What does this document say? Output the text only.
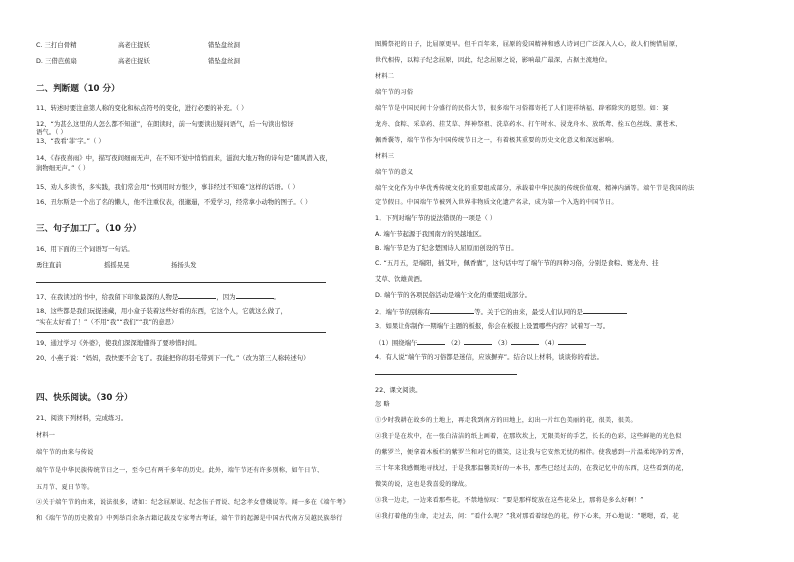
C. 三打白骨精	高老庄捉妖	错坠盘丝洞
D. 三借芭蕉扇	高老庄捉妖	错坠盘丝洞
二、判断题（10 分）
11、转述时要注意第人称的变化和标点符号的变化，进行必要的补充。（ ）
12、“为甚么这里的人怎么都不知道”，在朗读时，前一句要读出疑问语气，后一句读出惊讶
语气。（ ）
13、“我看‘菲’字。”（ ）
14、《春夜喜雨》中，描写夜间细雨无声，在不知不觉中悄悄而来，滋润大地万物的诗句是“随风潜入夜，
润物细无声。”（ ）
15、劝人多读书，多实践，我们常会用“书到用时方恨少，事非经过不知难”这样的话语。（ ）
16、丑尔斯是一个出了名的懒人，他不注重仪表，很邋遢，不爱学习，经常拿小动物的图子。（ ）
三、句子加工厂。（10 分）
16、用下面的三个词语写一句话。
勇往直前	摇摇晃晃	扬扬头发
17、在我读过的书中，给我留下印象最深的人物是	，因为	。
18、这些都是我们玩捉迷藏，用小盒子装着这些好看的东西，它这个人，它就这么做了，
“实在太好看了！”（不用“我”“我们”“我”的意思）
19、通过学习《外婆》，使我们深深地懂得了要珍惜时间。
20、小燕子说：“妈妈，我快要不会飞了。我能把你的羽毛带到下一代。”（改为第三人称转述句）
四、快乐阅读。（30 分）
21、阅读下列材料，完成练习。
材料一
端午节的由来与传说
端午节是中华民族传统节日之一，至今已有两千多年的历史。此外，端午节还有许多别称，如午日节、
五月节、夏日节等。
②关于端午节的由来，说法很多，诸如：纪念屈原说、纪念伍子胥说、纪念孝女曹娥说等。闻一多在《端午考》
和《端午节的历史教育》中列举百余条古籍记载及专家考古考证，端午节的起源是中国古代南方吴越民族举行
图腾祭祀的日子，比屈原更早。但千百年来，屈原的爱国精神和感人诗词已广泛深入人心，故人们惋惜屈原，
世代相传，以粽子纪念屈原，因此，纪念屈原之说，影响最广最深，占据主流地位。
材料二
端午节的习俗
端午节是中国民间十分盛行的民俗大节，很多端午习俗都寄托了人们迎祥纳福、辟邪除灾的愿望。如：赛
龙舟、食粽、采草药、挂艾草、拜神祭祖、洗草药水、打午时水、浸龙舟水、放纸鸢、拴五色丝线、薰苍术、
佩香囊等，端午节作为中国传统节日之一，有着极其重要的历史文化意义和深远影响。
材料三
端午节的意义
端午文化作为中华优秀传统文化的重要组成部分，承载着中华民族的传统价值观、精神内涵等。端午节是我国的法
定节假日。中国端午节被列入世界非物质文化遗产名录，成为第一个入选的中国节日。
1．下列对端午节的说法错误的一项是（ ）
A. 端午节起源于我国南方的吴越地区。
B. 端午节是为了纪念楚国诗人屈原而创设的节日。
C. “五月五，是端阳，插艾叶，佩香囊”，这句话中写了端午节的四种习俗，分别是食粽、赛龙舟、挂
艾草、饮雄黄酒。
D. 端午节的各项民俗活动是端午文化的重要组成部分。
2．端午节的别称有	等。关于它的由来，最受人们认同的是
3．如果让你制作一期端午主题的板报，你会在板报上设置哪些内容？试着写一写。
（1）围绕端午	（2）	（3）	（4）
4．有人说“端午节的习俗都是迷信，应该摒弃”。结合以上材料，谈谈你的看法。
22、课文阅读。
忽 略
①少时我耕在故乡的土地上，再走我到南方的田地上，幻出一片红色美丽的花，很美，很美。
②我于是在坎中，在一张白洁洁的纸上画着，在那坎坎上，无限美好的手艺，长长的色彩，这些鲜艳的光色似
的紫罗兰，便拿着木板栏的紫罗兰和对它的微笑，这让我与它安然无忧的相伴。使我感到一片温柔纯净的芳香，
三十年来我感慨地寻找过，于是我那温馨美好的一本书，那些已经过去的，在我记忆中的东西，这些看到的花，
微笑的说，这也是我喜爱的缘故。
③我一边走，一边来看那些花，不禁地惊叹：“要是那样绽放在这些花朵上，那将是多么好啊！”
④我打着他的生命，走过去，问：“看什么呢？”我对那看着绿色的花，停下心来，开心地说：“嗯嗯，看，花
